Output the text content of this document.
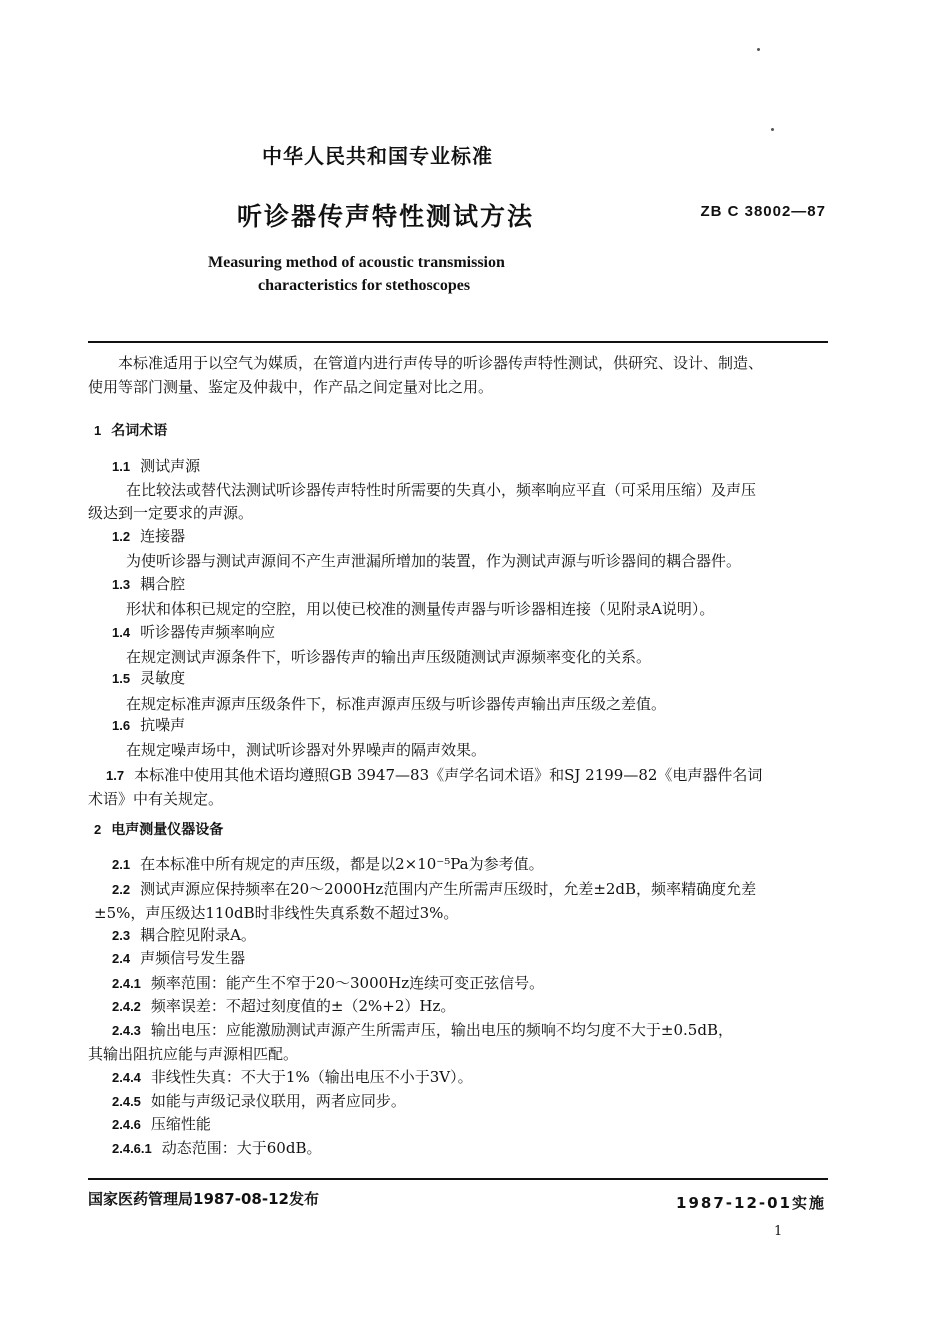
中华人民共和国专业标准
听诊器传声特性测试方法	ZB C 38002—87
Measuring method of acoustic transmission
characteristics for stethoscopes
本标准适用于以空气为媒质，在管道内进行声传导的听诊器传声特性测试，供研究、设计、制造、
使用等部门测量、鉴定及仲裁中，作产品之间定量对比之用。
1 名词术语
1.1 测试声源
在比较法或替代法测试听诊器传声特性时所需要的失真小，频率响应平直（可采用压缩）及声压
级达到一定要求的声源。
1.2 连接器
为使听诊器与测试声源间不产生声泄漏所增加的装置，作为测试声源与听诊器间的耦合器件。
1.3 耦合腔
形状和体积已规定的空腔，用以使已校准的测量传声器与听诊器相连接（见附录A说明）。
1.4 听诊器传声频率响应
在规定测试声源条件下，听诊器传声的输出声压级随测试声源频率变化的关系。
1.5 灵敏度
在规定标准声源声压级条件下，标准声源声压级与听诊器传声输出声压级之差值。
1.6 抗噪声
在规定噪声场中，测试听诊器对外界噪声的隔声效果。
1.7 本标准中使用其他术语均遵照GB 3947—83《声学名词术语》和SJ 2199—82《电声器件名词
术语》中有关规定。
2 电声测量仪器设备
2.1 在本标准中所有规定的声压级，都是以2×10⁻⁵Pa为参考值。
2.2 测试声源应保持频率在20～2000Hz范围内产生所需声压级时，允差±2dB，频率精确度允差
±5%，声压级达110dB时非线性失真系数不超过3%。
2.3 耦合腔见附录A。
2.4 声频信号发生器
2.4.1 频率范围：能产生不窄于20～3000Hz连续可变正弦信号。
2.4.2 频率误差：不超过刻度值的±（2%+2）Hz。
2.4.3 输出电压：应能激励测试声源产生所需声压，输出电压的频响不均匀度不大于±0.5dB，
其输出阻抗应能与声源相匹配。
2.4.4 非线性失真：不大于1%（输出电压不小于3V）。
2.4.5 如能与声级记录仪联用，两者应同步。
2.4.6 压缩性能
2.4.6.1 动态范围：大于60dB。
国家医药管理局1987-08-12发布	1987-12-01实施
1
